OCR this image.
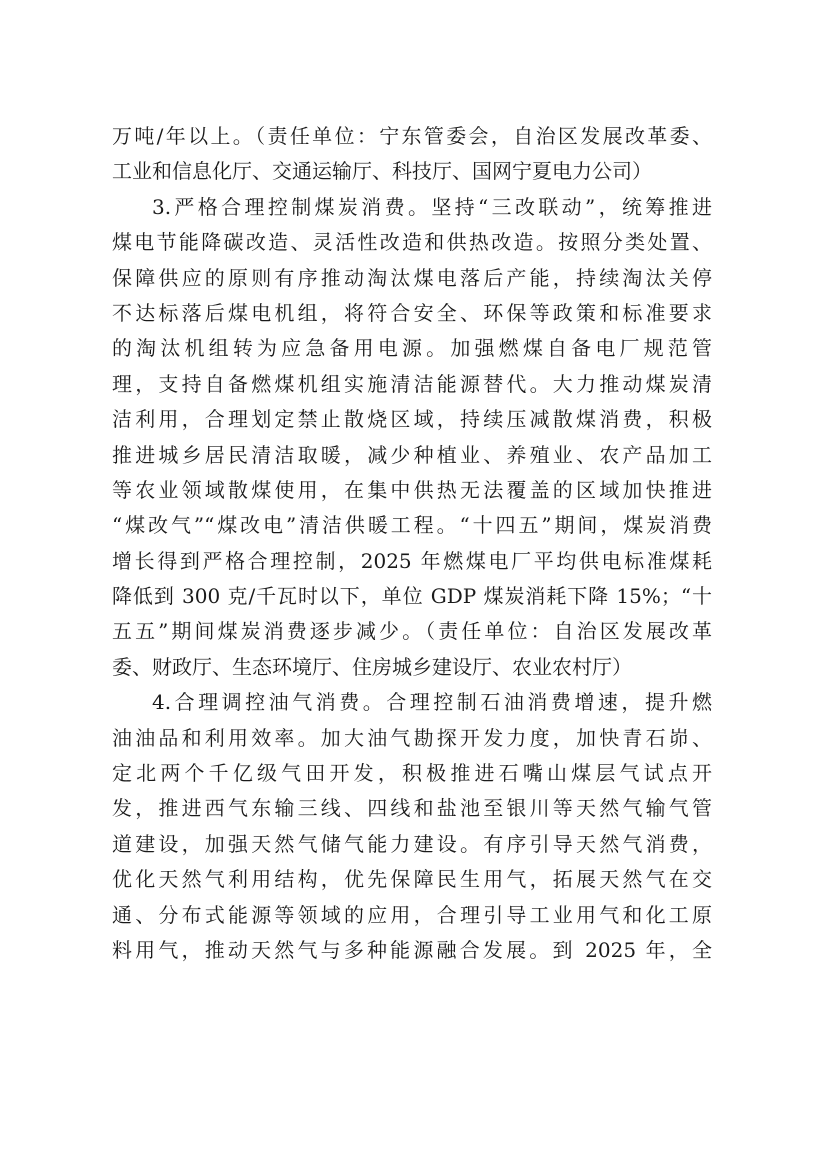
万吨/年以上。（责任单位：宁东管委会，自治区发展改革委、
工业和信息化厅、交通运输厅、科技厅、国网宁夏电力公司）
3.严格合理控制煤炭消费。坚持“三改联动”，统筹推进
煤电节能降碳改造、灵活性改造和供热改造。按照分类处置、
保障供应的原则有序推动淘汰煤电落后产能，持续淘汰关停
不达标落后煤电机组，将符合安全、环保等政策和标准要求
的淘汰机组转为应急备用电源。加强燃煤自备电厂规范管
理，支持自备燃煤机组实施清洁能源替代。大力推动煤炭清
洁利用，合理划定禁止散烧区域，持续压减散煤消费，积极
推进城乡居民清洁取暖，减少种植业、养殖业、农产品加工
等农业领域散煤使用，在集中供热无法覆盖的区域加快推进
“煤改气”“煤改电”清洁供暖工程。“十四五”期间，煤炭消费
增长得到严格合理控制，2025 年燃煤电厂平均供电标准煤耗
降低到 300 克/千瓦时以下，单位 GDP 煤炭消耗下降 15%；“十
五五”期间煤炭消费逐步减少。（责任单位：自治区发展改革
委、财政厅、生态环境厅、住房城乡建设厅、农业农村厅）
4.合理调控油气消费。合理控制石油消费增速，提升燃
油油品和利用效率。加大油气勘探开发力度，加快青石峁、
定北两个千亿级气田开发，积极推进石嘴山煤层气试点开
发，推进西气东输三线、四线和盐池至银川等天然气输气管
道建设，加强天然气储气能力建设。有序引导天然气消费，
优化天然气利用结构，优先保障民生用气，拓展天然气在交
通、分布式能源等领域的应用，合理引导工业用气和化工原
料用气，推动天然气与多种能源融合发展。到 2025 年，全
